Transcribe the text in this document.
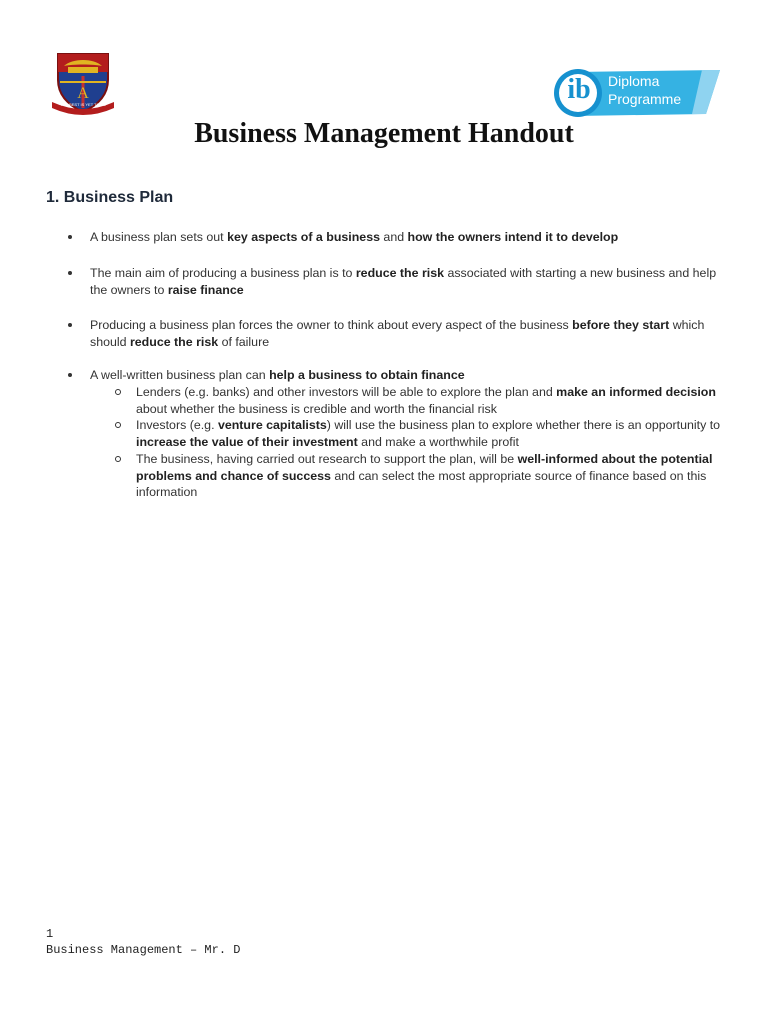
A
THE BEST IS YET TO BE	ib Diploma
Programme
Business Management Handout
1. Business Plan
A business plan sets out key aspects of a business and how the owners intend it to develop
The main aim of producing a business plan is to reduce the risk associated with starting a new business and help the owners to raise finance
Producing a business plan forces the owner to think about every aspect of the business before they start which should reduce the risk of failure
A well-written business plan can help a business to obtain finance
Lenders (e.g. banks) and other investors will be able to explore the plan and make an informed decision about whether the business is credible and worth the financial risk
Investors (e.g. venture capitalists) will use the business plan to explore whether there is an opportunity to increase the value of their investment and make a worthwhile profit
The business, having carried out research to support the plan, will be well-informed about the potential problems and chance of success and can select the most appropriate source of finance based on this information
1
Business Management – Mr. D
